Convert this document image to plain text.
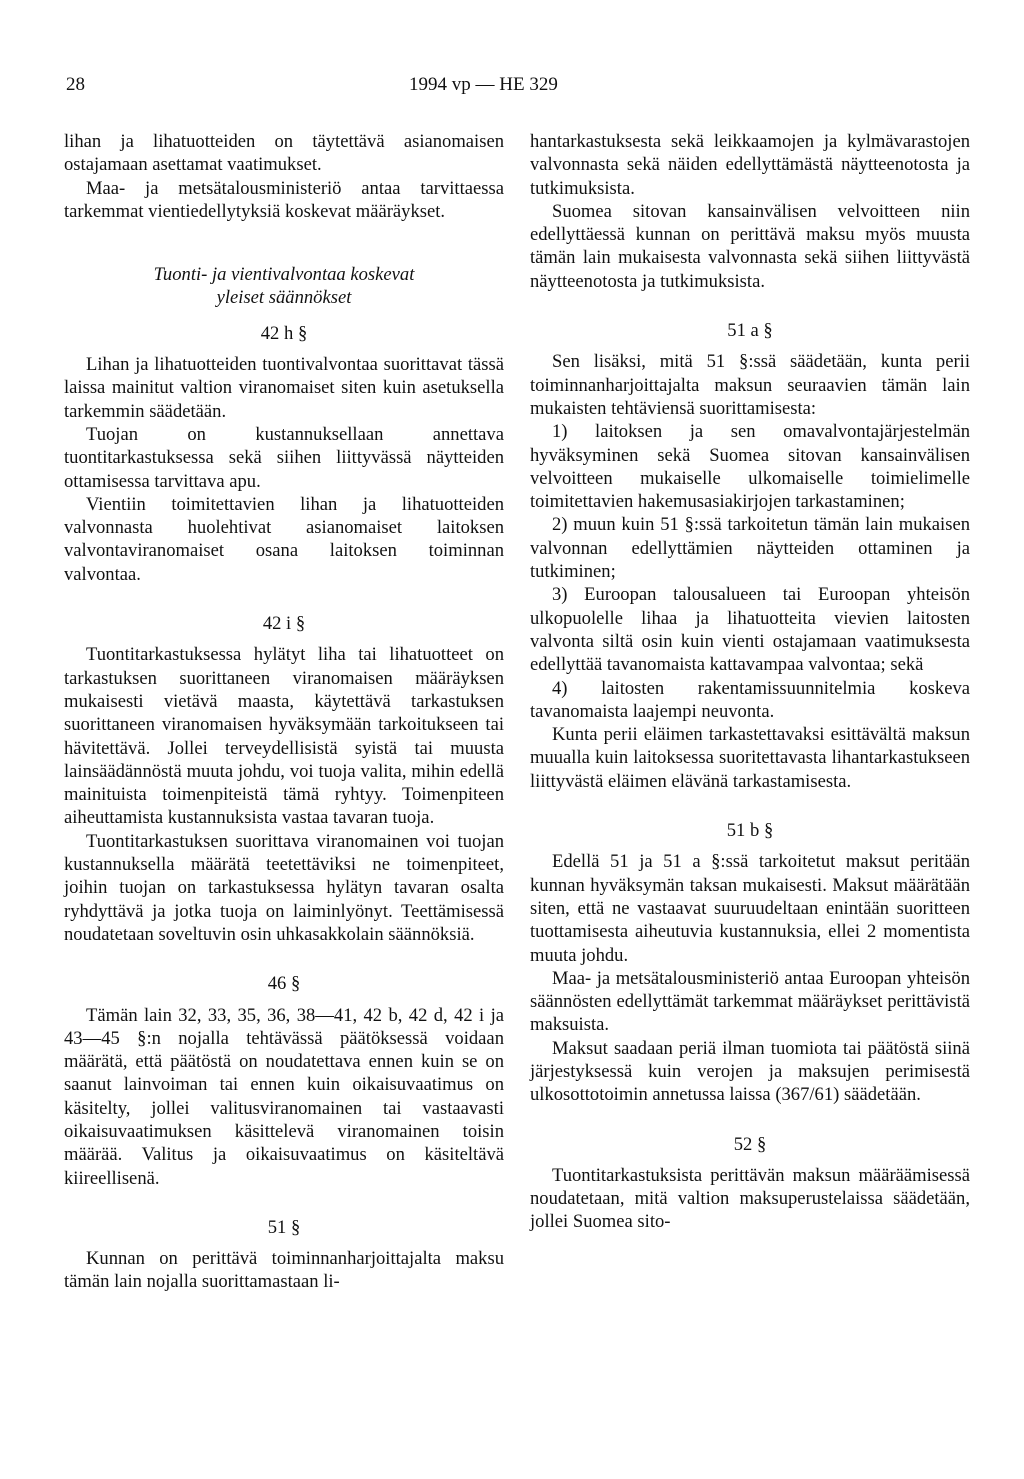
28	1994 vp — HE 329

lihan ja lihatuotteiden on täytettävä asianomaisen ostajamaan asettamat vaatimukset.

Maa- ja metsätalousministeriö antaa tarvittaessa tarkemmat vientiedellytyksiä koskevat määräykset.

Tuonti- ja vientivalvontaa koskevat
yleiset säännökset
42 h §

Lihan ja lihatuotteiden tuontivalvontaa suorittavat tässä laissa mainitut valtion viranomaiset siten kuin asetuksella tarkemmin säädetään.

Tuojan on kustannuksellaan annettava tuontitarkastuksessa sekä siihen liittyvässä näytteiden ottamisessa tarvittava apu.

Vientiin toimitettavien lihan ja lihatuotteiden valvonnasta huolehtivat asianomaiset laitoksen valvontaviranomaiset osana laitoksen toiminnan valvontaa.

42 i §

Tuontitarkastuksessa hylätyt liha tai lihatuotteet on tarkastuksen suorittaneen viranomaisen määräyksen mukaisesti vietävä maasta, käytettävä tarkastuksen suorittaneen viranomaisen hyväksymään tarkoitukseen tai hävitettävä. Jollei terveydellisistä syistä tai muusta lainsäädännöstä muuta johdu, voi tuoja valita, mihin edellä mainituista toimenpiteistä tämä ryhtyy. Toimenpiteen aiheuttamista kustannuksista vastaa tavaran tuoja.

Tuontitarkastuksen suorittava viranomainen voi tuojan kustannuksella määrätä teetettäviksi ne toimenpiteet, joihin tuojan on tarkastuksessa hylätyn tavaran osalta ryhdyttävä ja jotka tuoja on laiminlyönyt. Teettämisessä noudatetaan soveltuvin osin uhkasakkolain säännöksiä.

46 §

Tämän lain 32, 33, 35, 36, 38—41, 42 b, 42 d, 42 i ja 43—45 §:n nojalla tehtävässä päätöksessä voidaan määrätä, että päätöstä on noudatettava ennen kuin se on saanut lainvoiman tai ennen kuin oikaisuvaatimus on käsitelty, jollei valitusviranomainen tai vastaavasti oikaisuvaatimuksen käsittelevä viranomainen toisin määrää. Valitus ja oikaisuvaatimus on käsiteltävä kiireellisenä.

51 §

Kunnan on perittävä toiminnanharjoittajalta maksu tämän lain nojalla suorittamastaan li-

hantarkastuksesta sekä leikkaamojen ja kylmävarastojen valvonnasta sekä näiden edellyttämästä näytteenotosta ja tutkimuksista.

Suomea sitovan kansainvälisen velvoitteen niin edellyttäessä kunnan on perittävä maksu myös muusta tämän lain mukaisesta valvonnasta sekä siihen liittyvästä näytteenotosta ja tutkimuksista.

51 a §

Sen lisäksi, mitä 51 §:ssä säädetään, kunta perii toiminnanharjoittajalta maksun seuraavien tämän lain mukaisten tehtäviensä suorittamisesta:

1) laitoksen ja sen omavalvontajärjestelmän hyväksyminen sekä Suomea sitovan kansainvälisen velvoitteen mukaiselle ulkomaiselle toimielimelle toimitettavien hakemusasiakirjojen tarkastaminen;

2) muun kuin 51 §:ssä tarkoitetun tämän lain mukaisen valvonnan edellyttämien näytteiden ottaminen ja tutkiminen;

3) Euroopan talousalueen tai Euroopan yhteisön ulkopuolelle lihaa ja lihatuotteita vievien laitosten valvonta siltä osin kuin vienti ostajamaan vaatimuksesta edellyttää tavanomaista kattavampaa valvontaa; sekä

4) laitosten rakentamissuunnitelmia koskeva tavanomaista laajempi neuvonta.

Kunta perii eläimen tarkastettavaksi esittävältä maksun muualla kuin laitoksessa suoritettavasta lihantarkastukseen liittyvästä eläimen elävänä tarkastamisesta.

51 b §

Edellä 51 ja 51 a §:ssä tarkoitetut maksut peritään kunnan hyväksymän taksan mukaisesti. Maksut määrätään siten, että ne vastaavat suuruudeltaan enintään suoritteen tuottamisesta aiheutuvia kustannuksia, ellei 2 momentista muuta johdu.

Maa- ja metsätalousministeriö antaa Euroopan yhteisön säännösten edellyttämät tarkemmat määräykset perittävistä maksuista.

Maksut saadaan periä ilman tuomiota tai päätöstä siinä järjestyksessä kuin verojen ja maksujen perimisestä ulkosottotoimin annetussa laissa (367/61) säädetään.

52 §

Tuontitarkastuksista perittävän maksun määräämisessä noudatetaan, mitä valtion maksuperustelaissa säädetään, jollei Suomea sito-
